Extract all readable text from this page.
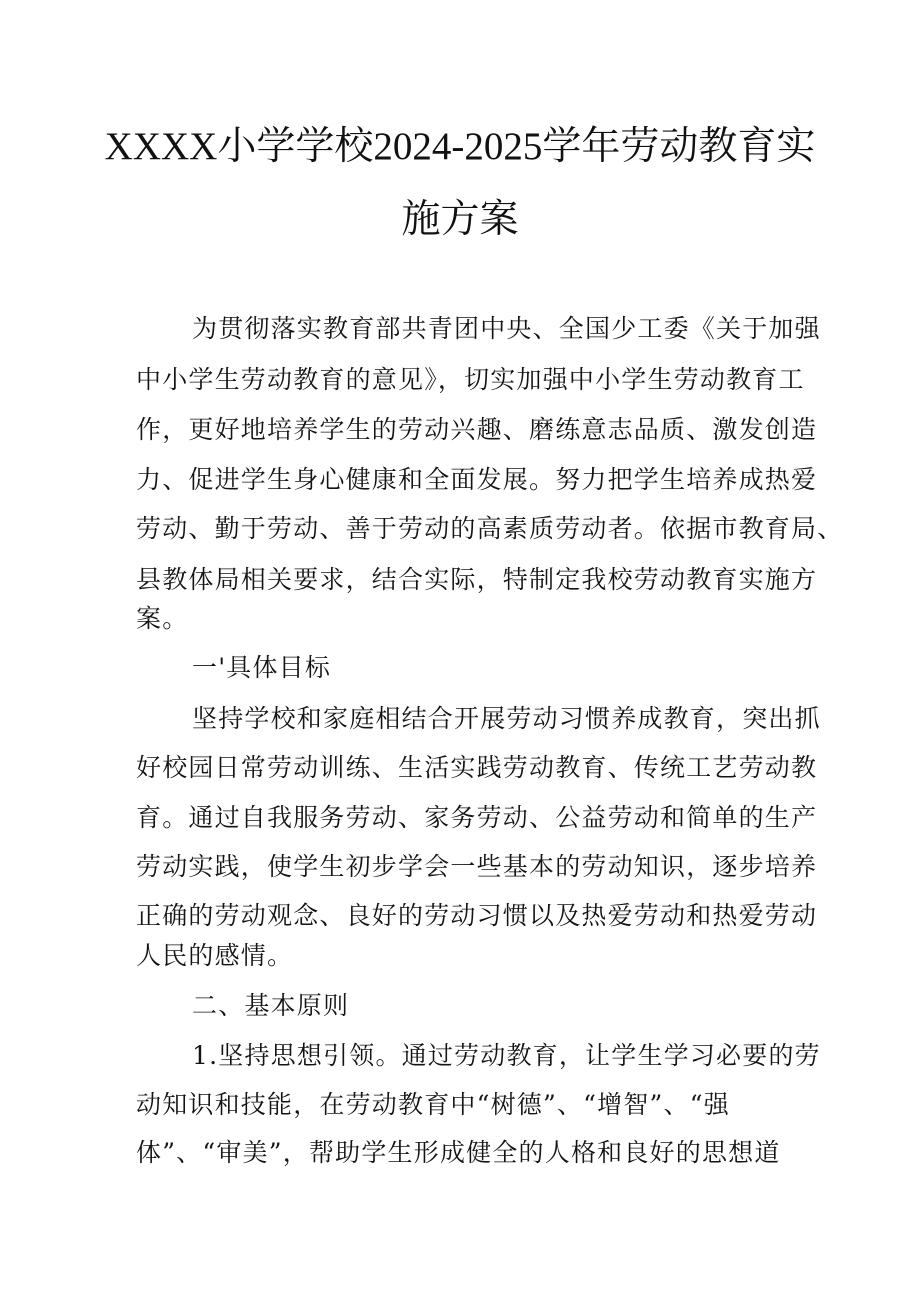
XXXX小学学校2024-2025学年劳动教育实
施方案
为贯彻落实教育部共青团中央、全国少工委《关于加强
中小学生劳动教育的意见》，切实加强中小学生劳动教育工
作，更好地培养学生的劳动兴趣、磨练意志品质、激发创造
力、促进学生身心健康和全面发展。努力把学生培养成热爱
劳动、勤于劳动、善于劳动的高素质劳动者。依据市教育局、
县教体局相关要求，结合实际，特制定我校劳动教育实施方
案。
一'具体目标
坚持学校和家庭相结合开展劳动习惯养成教育，突出抓
好校园日常劳动训练、生活实践劳动教育、传统工艺劳动教
育。通过自我服务劳动、家务劳动、公益劳动和简单的生产
劳动实践，使学生初步学会一些基本的劳动知识，逐步培养
正确的劳动观念、良好的劳动习惯以及热爱劳动和热爱劳动
人民的感情。
二、基本原则
1.坚持思想引领。通过劳动教育，让学生学习必要的劳
动知识和技能，在劳动教育中“树德”、“增智”、“强
体”、“审美”，帮助学生形成健全的人格和良好的思想道
